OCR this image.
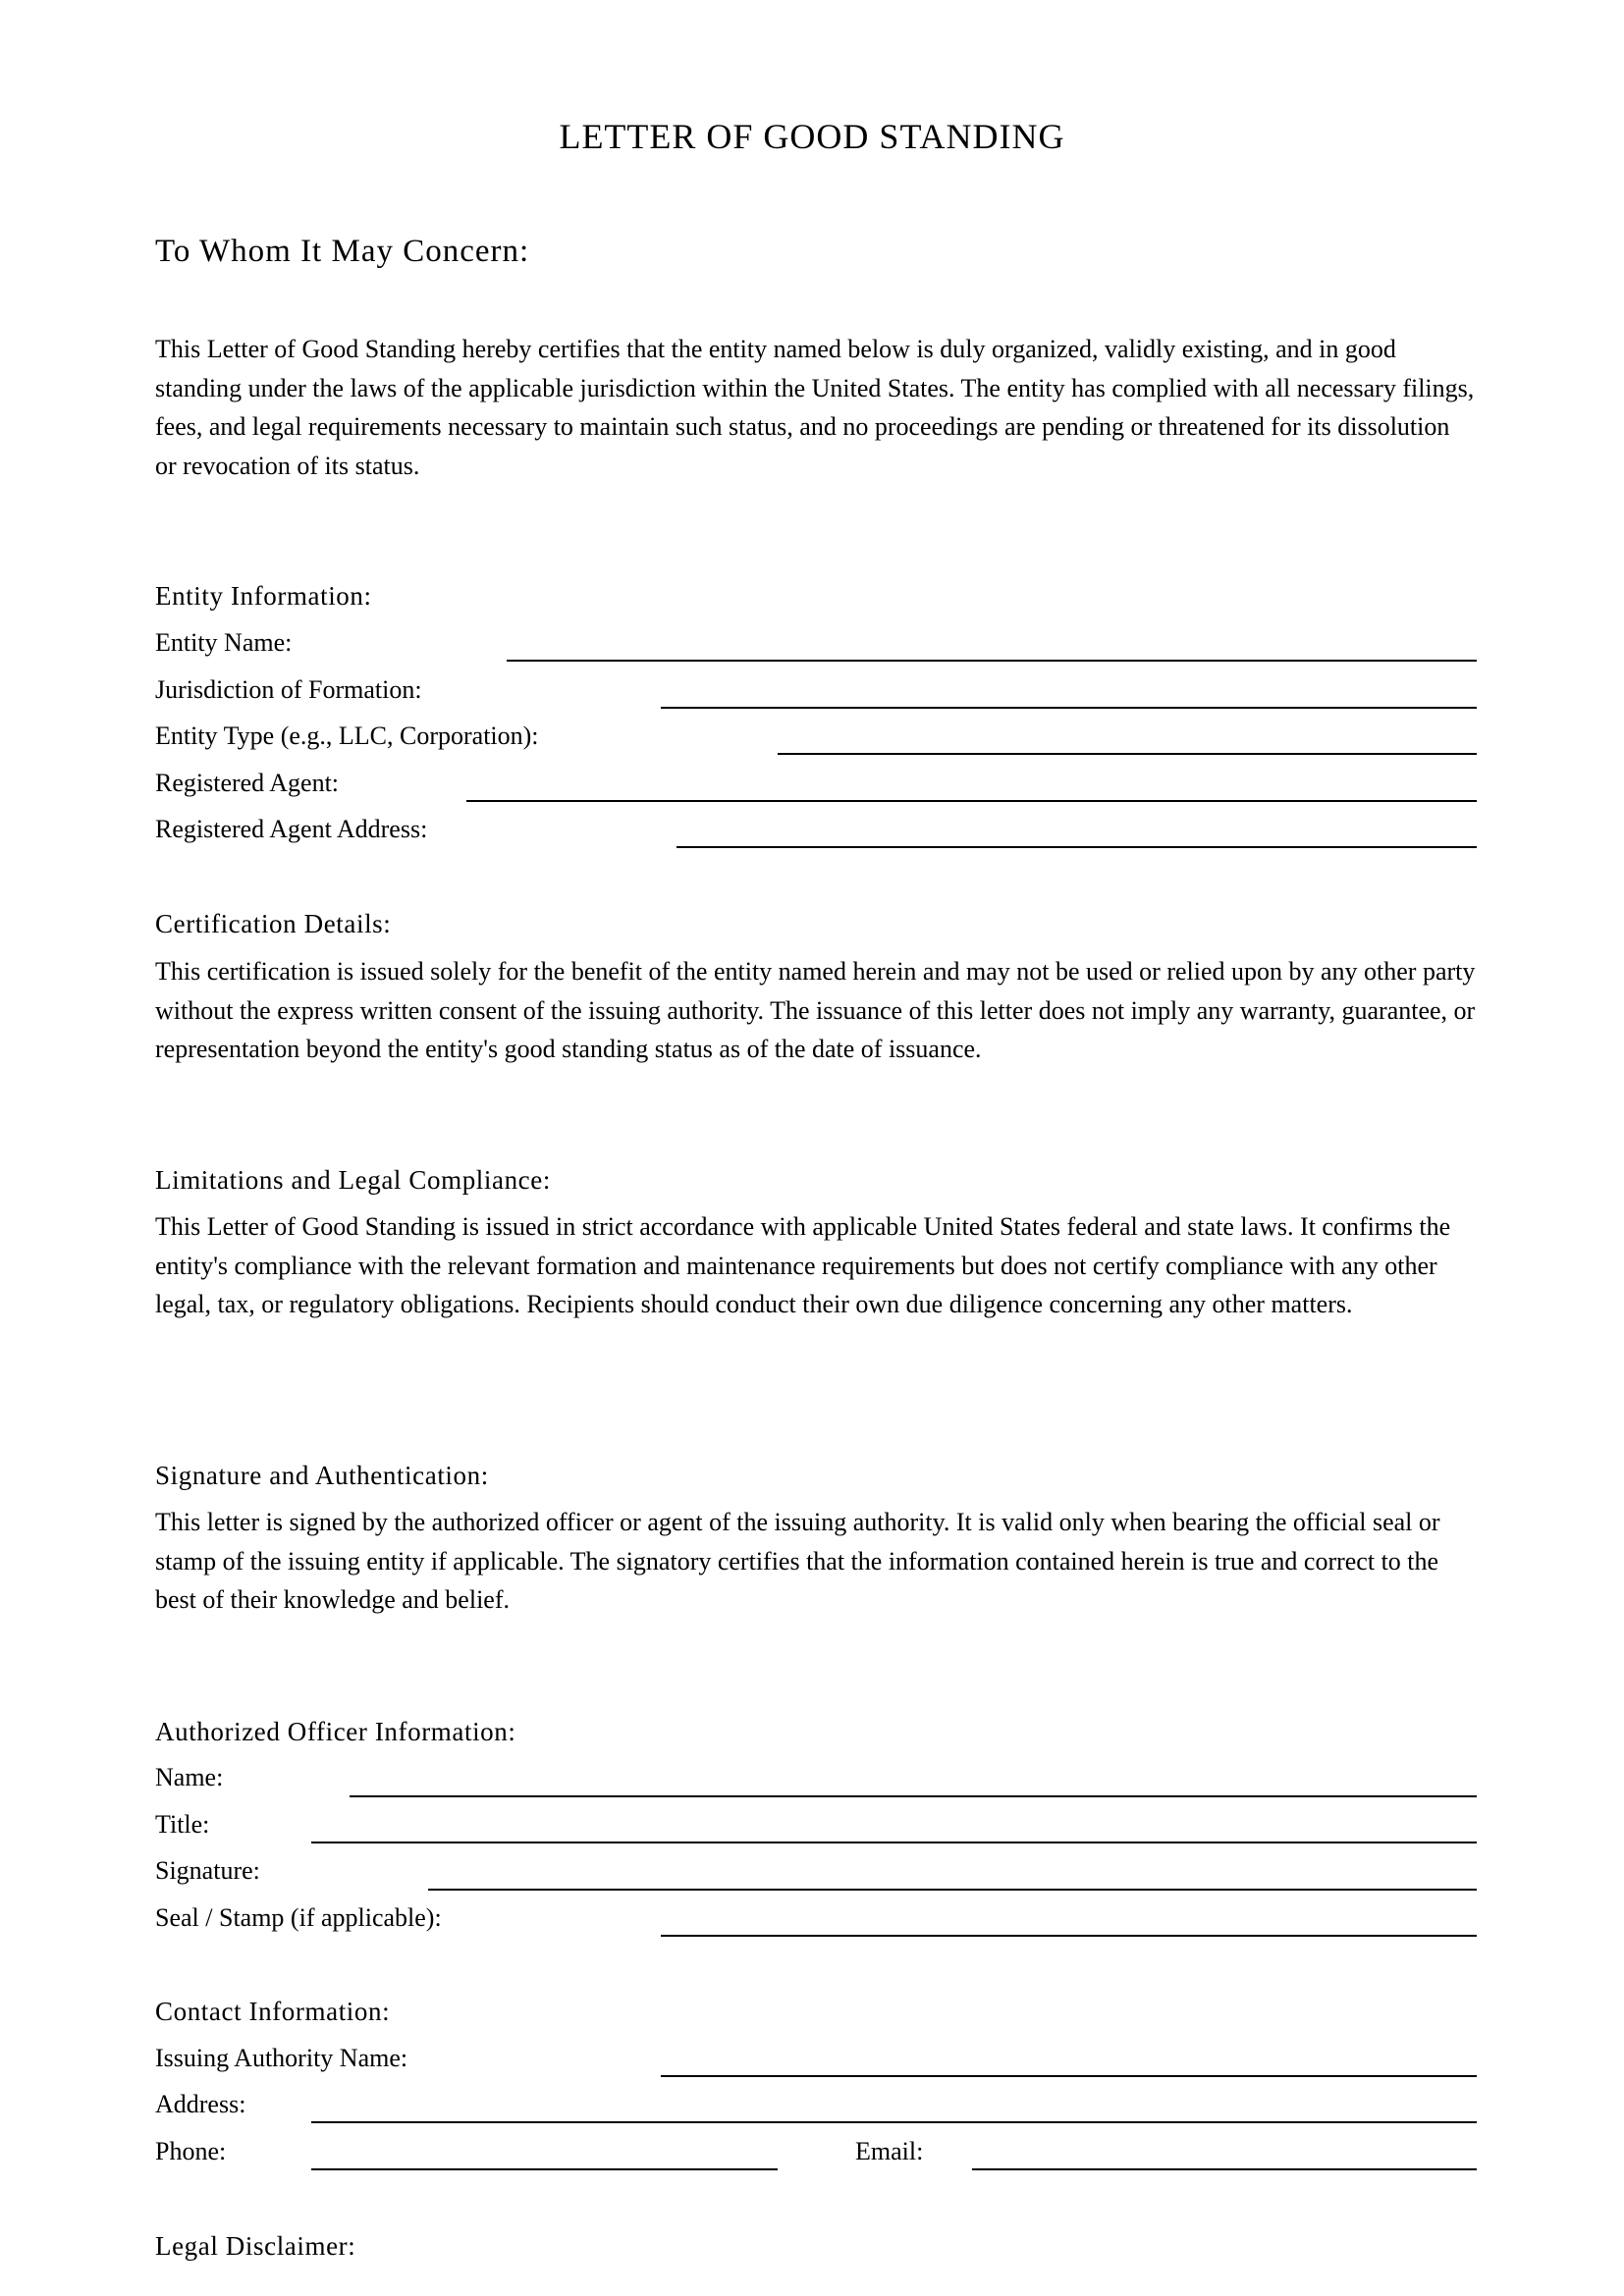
LETTER OF GOOD STANDING
To Whom It May Concern:
This Letter of Good Standing hereby certifies that the entity named below is duly organized, validly existing, and in good standing under the laws of the applicable jurisdiction within the United States. The entity has complied with all necessary filings, fees, and legal requirements necessary to maintain such status, and no proceedings are pending or threatened for its dissolution or revocation of its status.
Entity Information:
Entity Name:
Jurisdiction of Formation:
Entity Type (e.g., LLC, Corporation):
Registered Agent:
Registered Agent Address:
Certification Details:
This certification is issued solely for the benefit of the entity named herein and may not be used or relied upon by any other party without the express written consent of the issuing authority. The issuance of this letter does not imply any warranty, guarantee, or representation beyond the entity's good standing status as of the date of issuance.
Limitations and Legal Compliance:
This Letter of Good Standing is issued in strict accordance with applicable United States federal and state laws. It confirms the entity's compliance with the relevant formation and maintenance requirements but does not certify compliance with any other legal, tax, or regulatory obligations. Recipients should conduct their own due diligence concerning any other matters.
Signature and Authentication:
This letter is signed by the authorized officer or agent of the issuing authority. It is valid only when bearing the official seal or stamp of the issuing entity if applicable. The signatory certifies that the information contained herein is true and correct to the best of their knowledge and belief.
Authorized Officer Information:
Name:
Title:
Signature:
Seal / Stamp (if applicable):
Contact Information:
Issuing Authority Name:
Address:
Phone:	Email:
Legal Disclaimer:
